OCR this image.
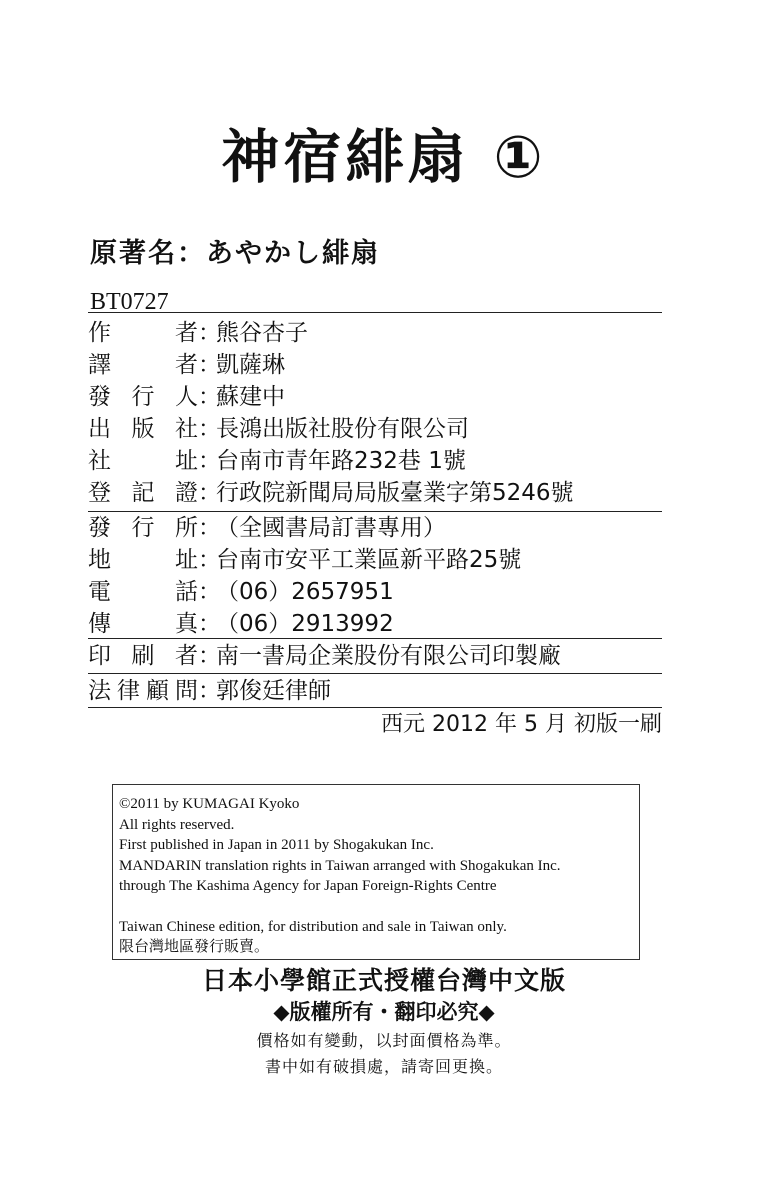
神宿緋扇 ①
原著名：あやかし緋扇
BT0727
作者：熊谷杏子
譯者：凱薩琳
發行人：蘇建中
出版社：長鴻出版社股份有限公司
社址：台南市青年路232巷 1號
登記證：行政院新聞局局版臺業字第5246號
發行所：（全國書局訂書專用）
地址：台南市安平工業區新平路25號
電話：（06）2657951
傳真：（06）2913992
印刷者：南一書局企業股份有限公司印製廠
法律顧問：郭俊廷律師
西元 2012 年 5 月 初版一刷
©2011 by KUMAGAI Kyoko
All rights reserved.
First published in Japan in 2011 by Shogakukan Inc.
MANDARIN translation rights in Taiwan arranged with Shogakukan Inc.
through The Kashima Agency for Japan Foreign-Rights Centre
Taiwan Chinese edition, for distribution and sale in Taiwan only.
限台灣地區發行販賣。
日本小學館正式授權台灣中文版
◆版權所有・翻印必究◆
價格如有變動，以封面價格為準。
書中如有破損處，請寄回更換。
